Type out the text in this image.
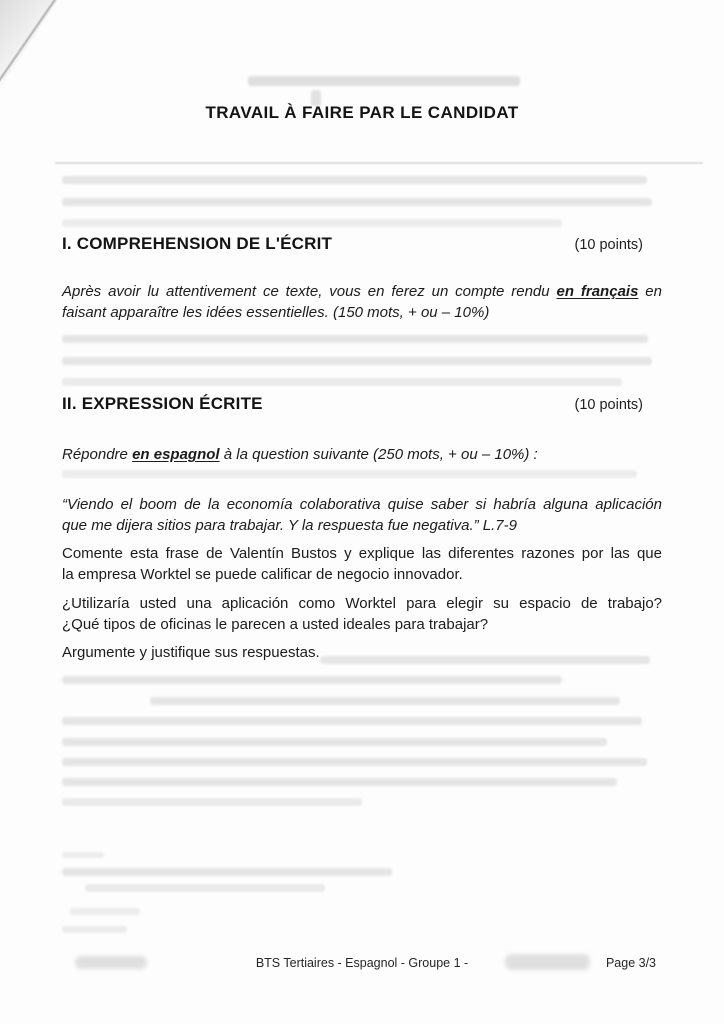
TRAVAIL À FAIRE PAR LE CANDIDAT
I. COMPREHENSION DE L'ÉCRIT	(10 points)
Après avoir lu attentivement ce texte, vous en ferez un compte rendu en français en
faisant apparaître les idées essentielles. (150 mots, + ou – 10%)
II. EXPRESSION ÉCRITE	(10 points)
Répondre en espagnol à la question suivante (250 mots, + ou – 10%) :
“Viendo el boom de la economía colaborativa quise saber si habría alguna aplicación
que me dijera sitios para trabajar. Y la respuesta fue negativa.” L.7-9
Comente esta frase de Valentín Bustos y explique las diferentes razones por las que
la empresa Worktel se puede calificar de negocio innovador.
¿Utilizaría usted una aplicación como Worktel para elegir su espacio de trabajo?
¿Qué tipos de oficinas le parecen a usted ideales para trabajar?
Argumente y justifique sus respuestas.
BTS Tertiaires - Espagnol - Groupe 1 -	Page 3/3
